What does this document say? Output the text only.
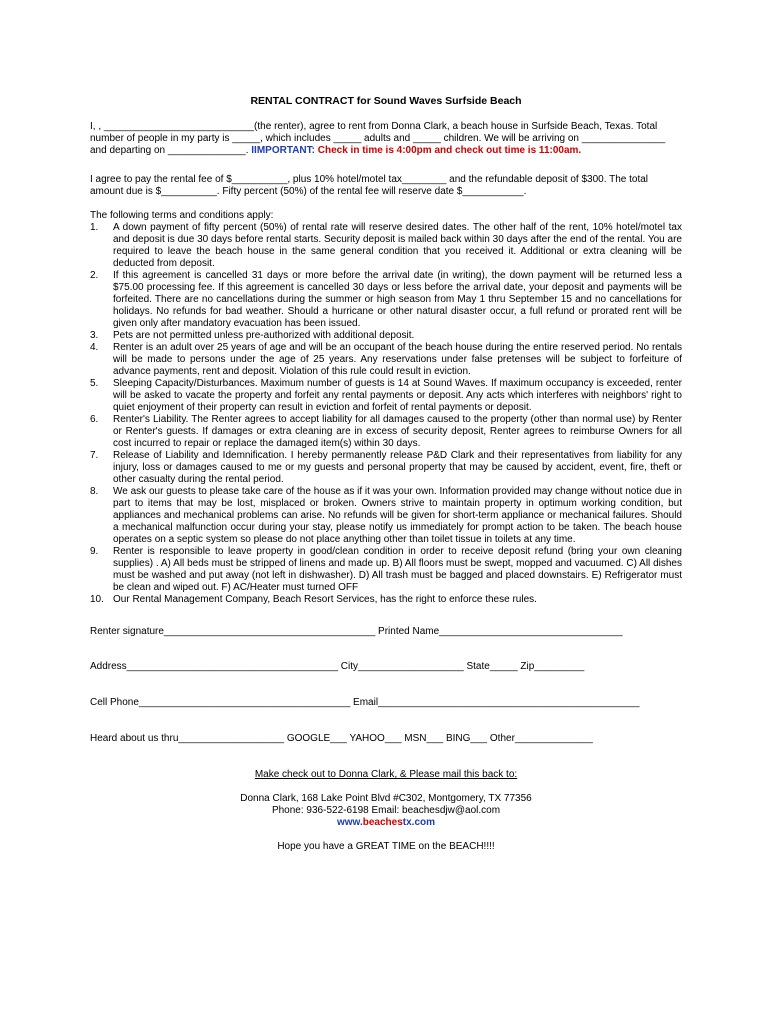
RENTAL CONTRACT for Sound Waves Surfside Beach
I, , ___________________________(the renter), agree to rent from Donna Clark, a beach house in Surfside Beach, Texas. Total
number of people in my party is _____, which includes _____ adults and _____ children. We will be arriving on _______________
and departing on ______________. IIMPORTANT: Check in time is 4:00pm and check out time is 11:00am.
I agree to pay the rental fee of $__________, plus 10% hotel/motel tax________ and the refundable deposit of $300. The total
amount due is $__________. Fifty percent (50%) of the rental fee will reserve date $___________.
The following terms and conditions apply:
1. A down payment of fifty percent (50%) of rental rate will reserve desired dates. The other half of the rent, 10% hotel/motel tax and deposit is due 30 days before rental starts. Security deposit is mailed back within 30 days after the end of the rental. You are required to leave the beach house in the same general condition that you received it. Additional or extra cleaning will be deducted from deposit.
2. If this agreement is cancelled 31 days or more before the arrival date (in writing), the down payment will be returned less a $75.00 processing fee. If this agreement is cancelled 30 days or less before the arrival date, your deposit and payments will be forfeited. There are no cancellations during the summer or high season from May 1 thru September 15 and no cancellations for holidays. No refunds for bad weather. Should a hurricane or other natural disaster occur, a full refund or prorated rent will be given only after mandatory evacuation has been issued.
3. Pets are not permitted unless pre-authorized with additional deposit.
4. Renter is an adult over 25 years of age and will be an occupant of the beach house during the entire reserved period. No rentals will be made to persons under the age of 25 years. Any reservations under false pretenses will be subject to forfeiture of advance payments, rent and deposit. Violation of this rule could result in eviction.
5. Sleeping Capacity/Disturbances. Maximum number of guests is 14 at Sound Waves. If maximum occupancy is exceeded, renter will be asked to vacate the property and forfeit any rental payments or deposit. Any acts which interferes with neighbors' right to quiet enjoyment of their property can result in eviction and forfeit of rental payments or deposit.
6. Renter's Liability. The Renter agrees to accept liability for all damages caused to the property (other than normal use) by Renter or Renter's guests. If damages or extra cleaning are in excess of security deposit, Renter agrees to reimburse Owners for all cost incurred to repair or replace the damaged item(s) within 30 days.
7. Release of Liability and Idemnification. I hereby permanently release P&D Clark and their representatives from liability for any injury, loss or damages caused to me or my guests and personal property that may be caused by accident, event, fire, theft or other casualty during the rental period.
8. We ask our guests to please take care of the house as if it was your own. Information provided may change without notice due in part to items that may be lost, misplaced or broken. Owners strive to maintain property in optimum working condition, but appliances and mechanical problems can arise. No refunds will be given for short-term appliance or mechanical failures. Should a mechanical malfunction occur during your stay, please notify us immediately for prompt action to be taken. The beach house operates on a septic system so please do not place anything other than toilet tissue in toilets at any time.
9. Renter is responsible to leave property in good/clean condition in order to receive deposit refund (bring your own cleaning supplies) . A) All beds must be stripped of linens and made up. B) All floors must be swept, mopped and vacuumed. C) All dishes must be washed and put away (not left in dishwasher). D) All trash must be bagged and placed downstairs. E) Refrigerator must be clean and wiped out. F) AC/Heater must turned OFF
10. Our Rental Management Company, Beach Resort Services, has the right to enforce these rules.
Renter signature______________________________________ Printed Name_________________________________
Address______________________________________ City___________________ State_____ Zip_________
Cell Phone______________________________________ Email_______________________________________________
Heard about us thru___________________ GOOGLE___ YAHOO___ MSN___ BING___ Other______________
Make check out to Donna Clark, & Please mail this back to:
Donna Clark, 168 Lake Point Blvd #C302, Montgomery, TX 77356
Phone: 936-522-6198 Email: beachesdjw@aol.com
www.beachestx.com
Hope you have a GREAT TIME on the BEACH!!!!
